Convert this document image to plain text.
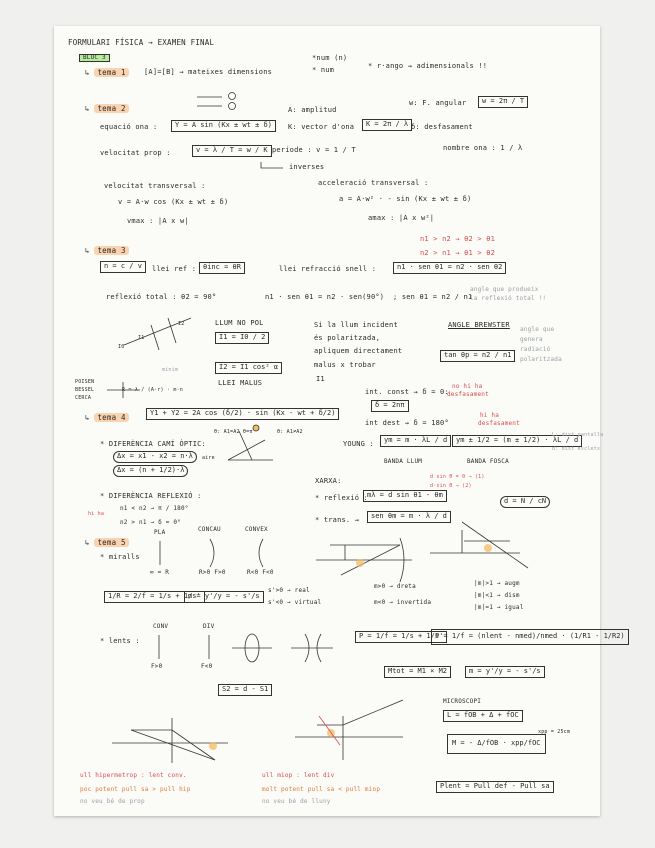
FORMULARI FÍSICA → EXAMEN FINAL
BLOC 3
↳ tema 1	[A]=[B] → mateixes dimensions
*num (n)
* num	* r·ango → adimensionals !!
↳ tema 2
equació ona :	Y = A sin (Kx ± wt ± δ)
A: amplitud
K: vector d'ona	K = 2π / λ
w: F. angular	w = 2π / T
δ: desfasament
velocitat prop :	v = λ / T = w / K periode : v = 1 / T
inverses
nombre ona : 1 / λ
velocitat transversal :
v = A·w cos (Kx ± wt ± δ)
vmax : |A x w|
acceleració transversal :
a = A·w² · - sin (Kx ± wt ± δ)
amax : |A x w²|
↳ tema 3
n1 > n2 → θ2 > θ1
n2 > n1 → θ1 > θ2
n = c / v	llei ref : θinc = θR	llei refracció snell :	n1 · sen θ1 = n2 · sen θ2
reflexió total : θ2 = 90°	n1 · sen θ1 = n2 · sen(90°) ; sen θ1 = n2 / n1
angle que produeix
la reflexió total !!
LLUM NO POL
I1 = I0 / 2
I2 = I1 cos² α
LLEI MALUS
Si la llum incident
és polaritzada,
apliquem directament
malus x trobar
I1
ANGLE BREWSTER
tan θp = n2 / n1
angle que
genera
radiació
polaritzada
POISEN
BESSEL
CERCA
R = λ / (A·r) · m·n
mínim
I1
I0
I2
↳ tema 4	Y1 + Y2 = 2A cos (δ/2) · sin (Kx - wt + δ/2)
int. const → δ = 0:
no hi ha
desfasament
δ = 2nπ
int dest → δ = 180°
hi ha
desfasament
θ: A1=A2 θ=π	θ: A1≠A2
* DIFERÈNCIA CAMÍ ÒPTIC:
Δx = x1 - x2 = n·λ
Δx = (n + 1/2)·λ
aire
YOUNG :	ym = m · λL / d	ym ± 1/2 = (m ± 1/2) · λL / d
BANDA LLUM	BANDA FOSCA
L: dist pantalla
d: dist escletx
* DIFERÈNCIA REFLEXIÓ :
hi ha
n1 < n2 → π / 180°
n2 > n1 → δ = 0°
XARXA:	d sin θ = 0 → (1)
d·sin θ → (2)
* reflexió : mλ = d sin θ1 - θm
* trans. →	sen θm = m · λ / d
d = N / cN
↳ tema 5
* miralls
PLA	CONCAU	CONVEX
∞ = R	R>0 F>0	R<0 F<0
1/R = 2/f = 1/s + 1/s'
m = y'/y = - s'/s
s'>0 → real
s'<0 → virtual
m>0 → dreta
m<0 → invertida
|m|>1 → augm
|m|<1 → dism
|m|=1 → igual
* lents :
CONV	DIV
F>0	F<0
P = 1/f = 1/s + 1/s'
P = 1/f = (nlent - nmed)/nmed · (1/R1 - 1/R2)
Mtot = M1 × M2	m = y'/y = - s'/s
S2 = d - S1
MICROSCOPI
L = fOB + Δ + fOC
M = - Δ/fOB · xpp/fOC
xpp = 25cm
ull hipermetrop : lent conv.	ull miop : lent div
poc potent pull sa > pull hip	molt potent pull sa < pull miop
no veu bé de prop	no veu bé de lluny
Plent = Pull def - Pull sa
